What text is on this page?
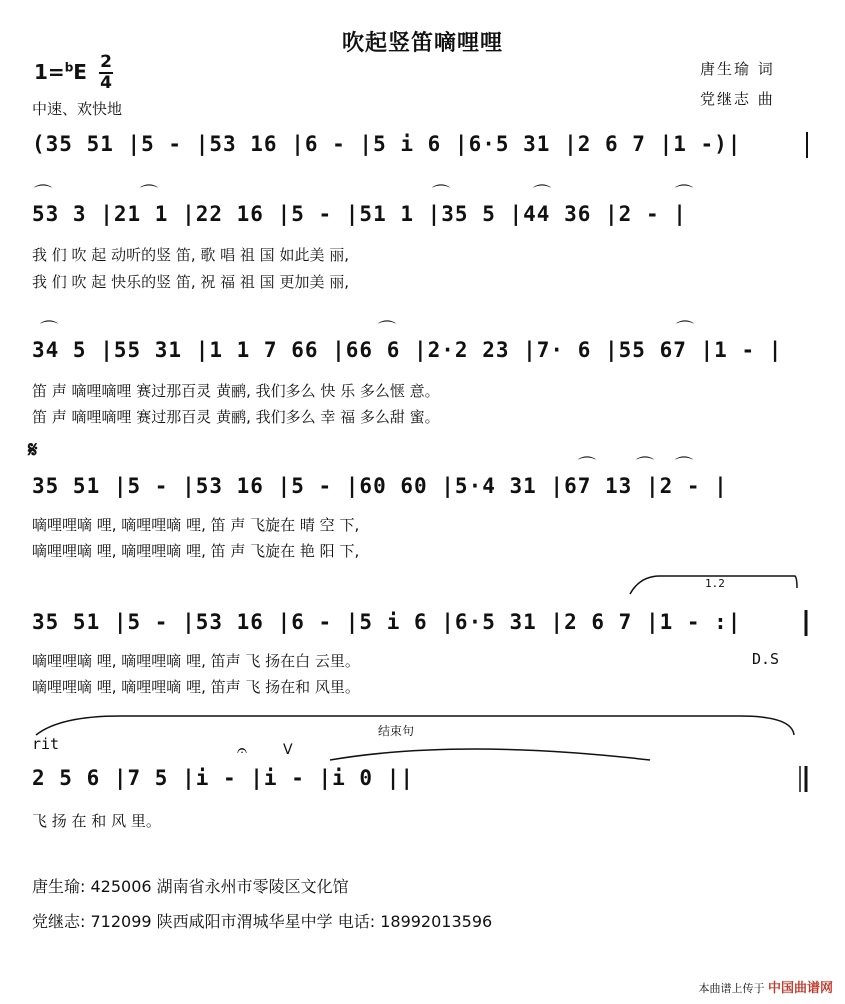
吹起竖笛嘀哩哩
1=$^b$E 2
4
中速、欢快地
唐生瑜 词
党继志 曲
(35 51 |5 - |53 16 |6 - |5 i 6 |6·5 31 |2 6 7 |1 -)|
⌒	⌒	⌒	⌒	⌒
53 3 |21 1 |22 16 |5 - |51 1 |35 5 |44 36 |2 - |
我 们 吹 起 动听的竖 笛, 歌 唱 祖 国 如此美 丽,
我 们 吹 起 快乐的竖 笛, 祝 福 祖 国 更加美 丽,
⌒	⌒	⌒
34 5 |55 31 |1 1 7 66 |66 6 |2·2 23 |7· 6 |55 67 |1 - |
笛 声 嘀哩嘀哩 赛过那百灵 黄鹂, 我们多么 快 乐 多么惬 意。
笛 声 嘀哩嘀哩 赛过那百灵 黄鹂, 我们多么 幸 福 多么甜 蜜。
𝄋
⌒ ⌒ ⌒
35 51 |5 - |53 16 |5 - |60 60 |5·4 31 |67 13 |2 - |
嘀哩哩嘀 哩, 嘀哩哩嘀 哩, 笛 声 飞旋在 晴 空 下,
嘀哩哩嘀 哩, 嘀哩哩嘀 哩, 笛 声 飞旋在 艳 阳 下,
1.2
35 51 |5 - |53 16 |6 - |5 i 6 |6·5 31 |2 6 7 |1 - :|
嘀哩哩嘀 哩, 嘀哩哩嘀 哩, 笛声 飞 扬在白 云里。	D.S
嘀哩哩嘀 哩, 嘀哩哩嘀 哩, 笛声 飞 扬在和 风里。
结束句
rit	𝄐	V
2 5 6 |7 5 |i - |i - |i 0 ||
飞 扬 在 和 风 里。
唐生瑜: 425006 湖南省永州市零陵区文化馆
党继志: 712099 陕西咸阳市渭城华星中学 电话: 18992013596
本曲谱上传于 中国曲谱网
